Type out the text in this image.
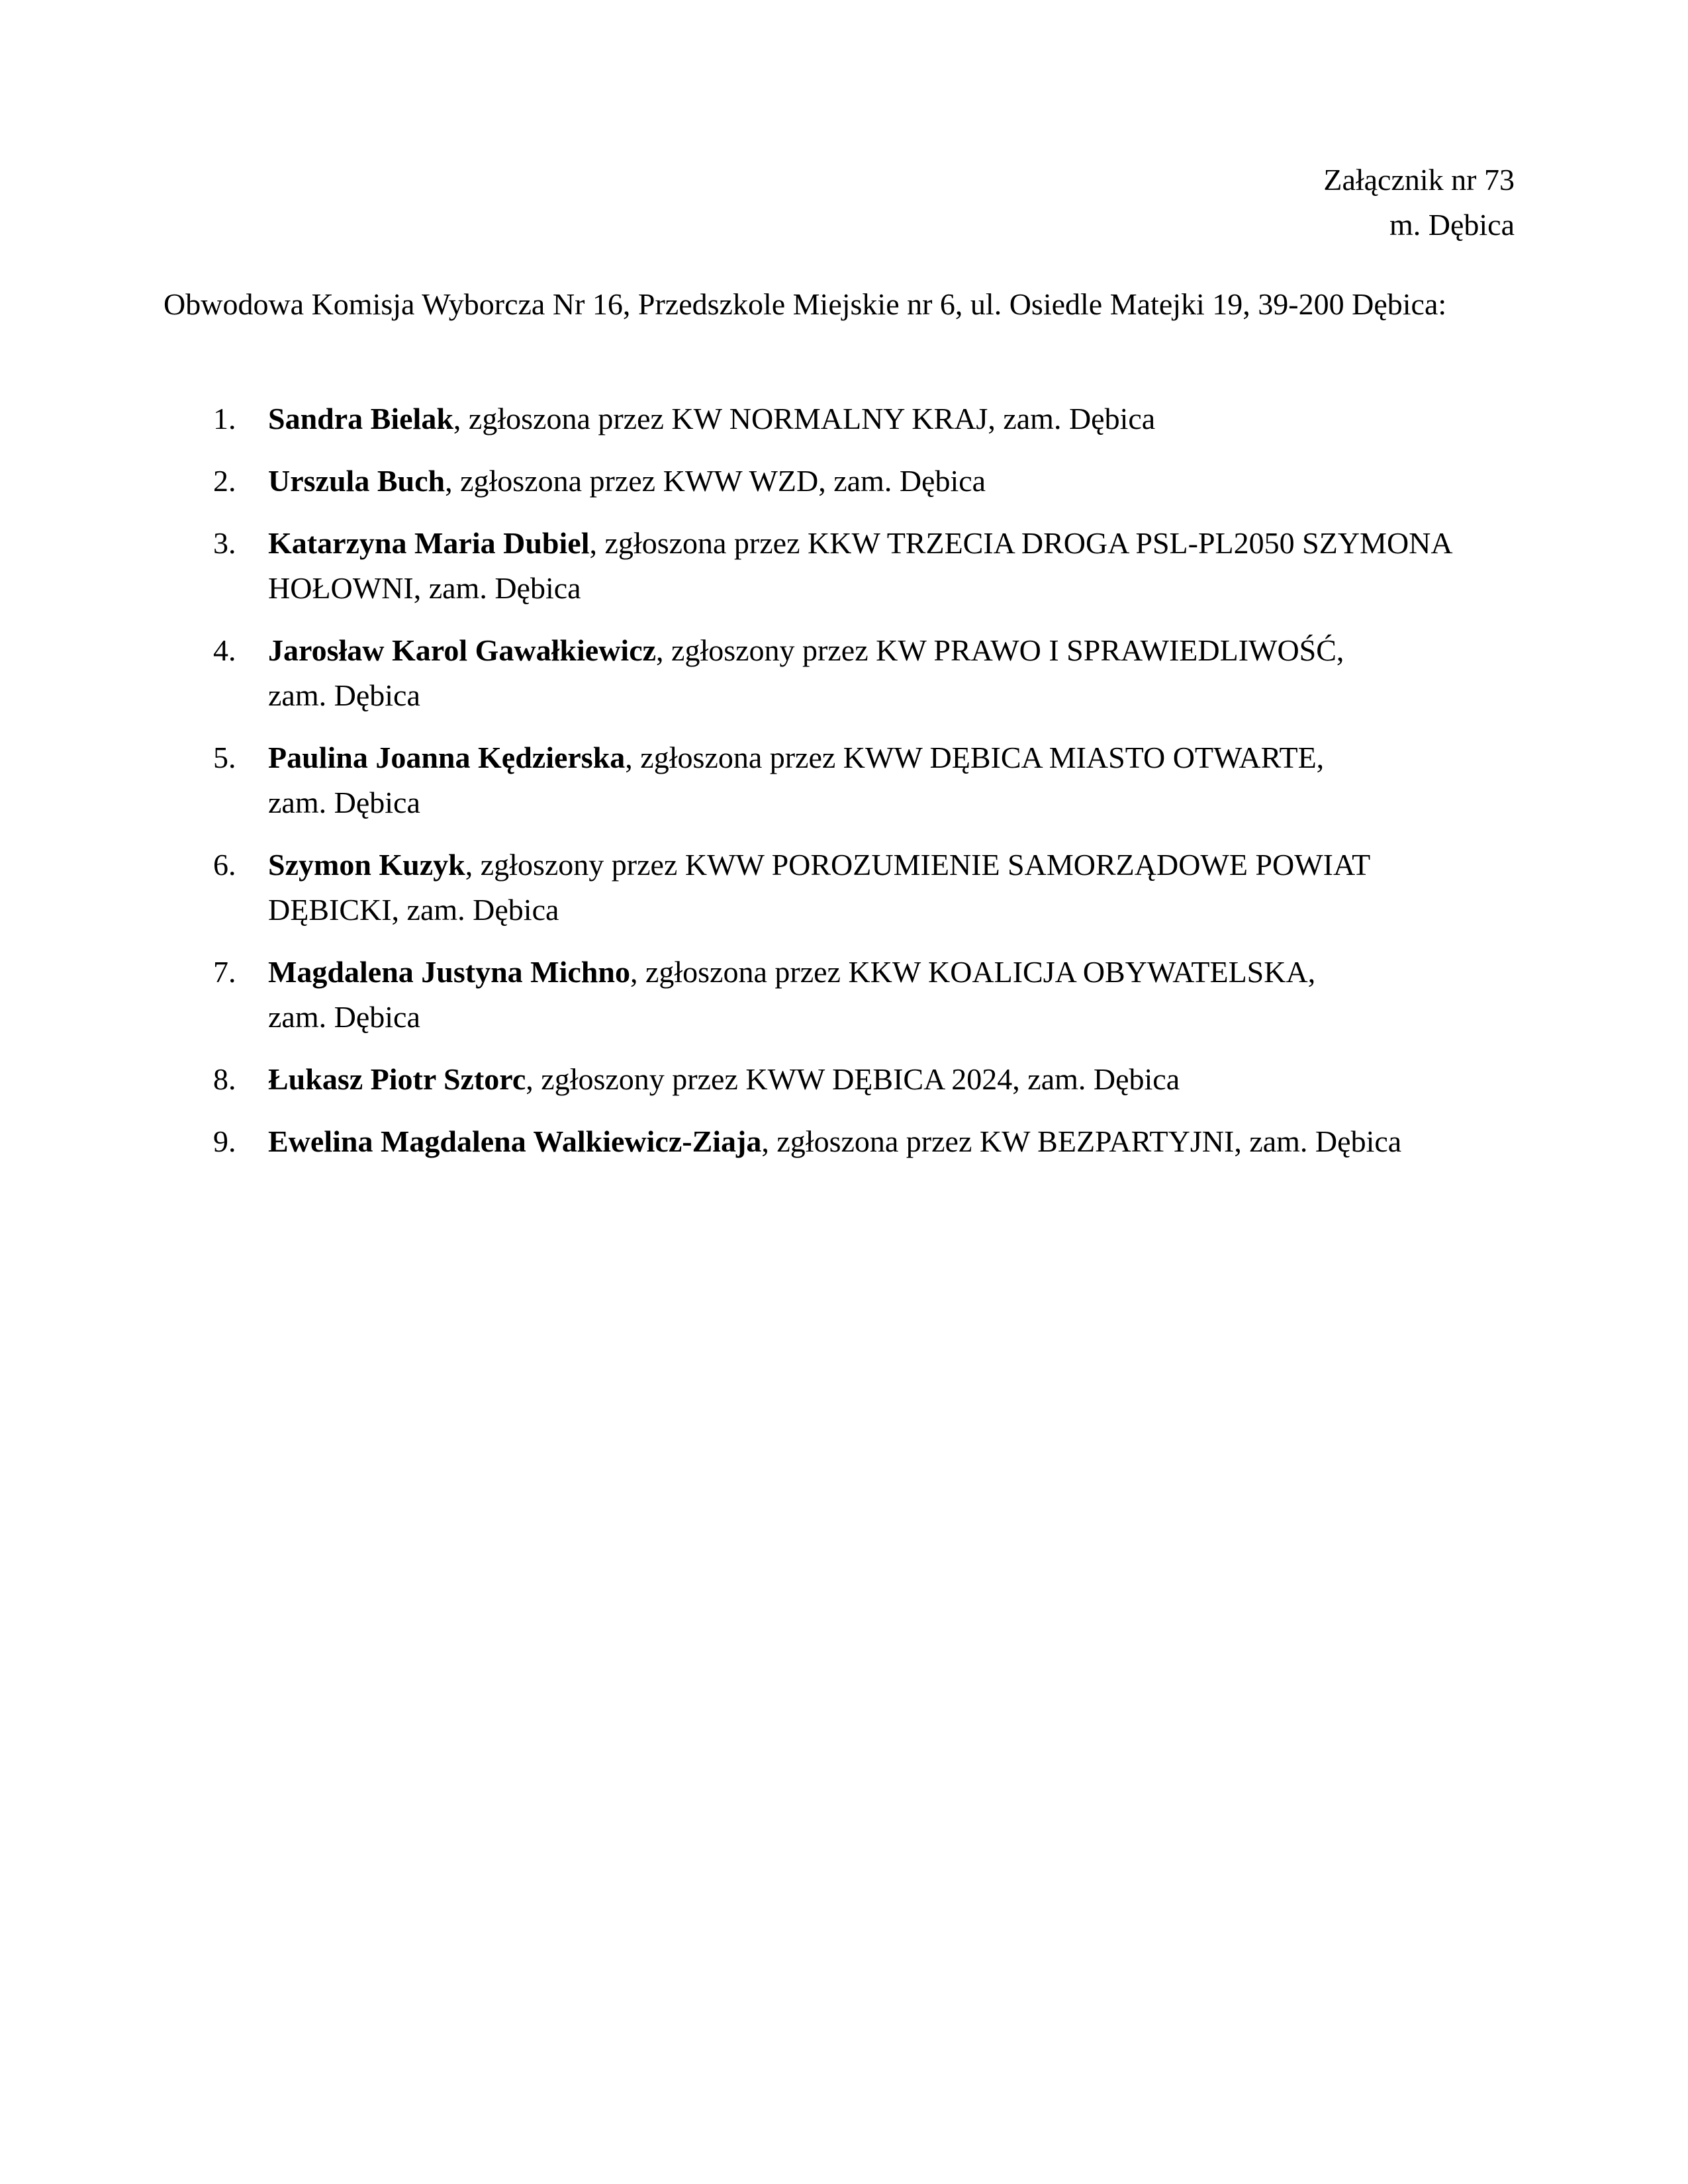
Załącznik nr 73
m. Dębica
Obwodowa Komisja Wyborcza Nr 16, Przedszkole Miejskie nr 6, ul. Osiedle Matejki 19, 39-200 Dębica:
1. Sandra Bielak, zgłoszona przez KW NORMALNY KRAJ, zam. Dębica
2. Urszula Buch, zgłoszona przez KWW WZD, zam. Dębica
3. Katarzyna Maria Dubiel, zgłoszona przez KKW TRZECIA DROGA PSL-PL2050 SZYMONA
HOŁOWNI, zam. Dębica
4. Jarosław Karol Gawałkiewicz, zgłoszony przez KW PRAWO I SPRAWIEDLIWOŚĆ,
zam. Dębica
5. Paulina Joanna Kędzierska, zgłoszona przez KWW DĘBICA MIASTO OTWARTE,
zam. Dębica
6. Szymon Kuzyk, zgłoszony przez KWW POROZUMIENIE SAMORZĄDOWE POWIAT
DĘBICKI, zam. Dębica
7. Magdalena Justyna Michno, zgłoszona przez KKW KOALICJA OBYWATELSKA,
zam. Dębica
8. Łukasz Piotr Sztorc, zgłoszony przez KWW DĘBICA 2024, zam. Dębica
9. Ewelina Magdalena Walkiewicz-Ziaja, zgłoszona przez KW BEZPARTYJNI, zam. Dębica
